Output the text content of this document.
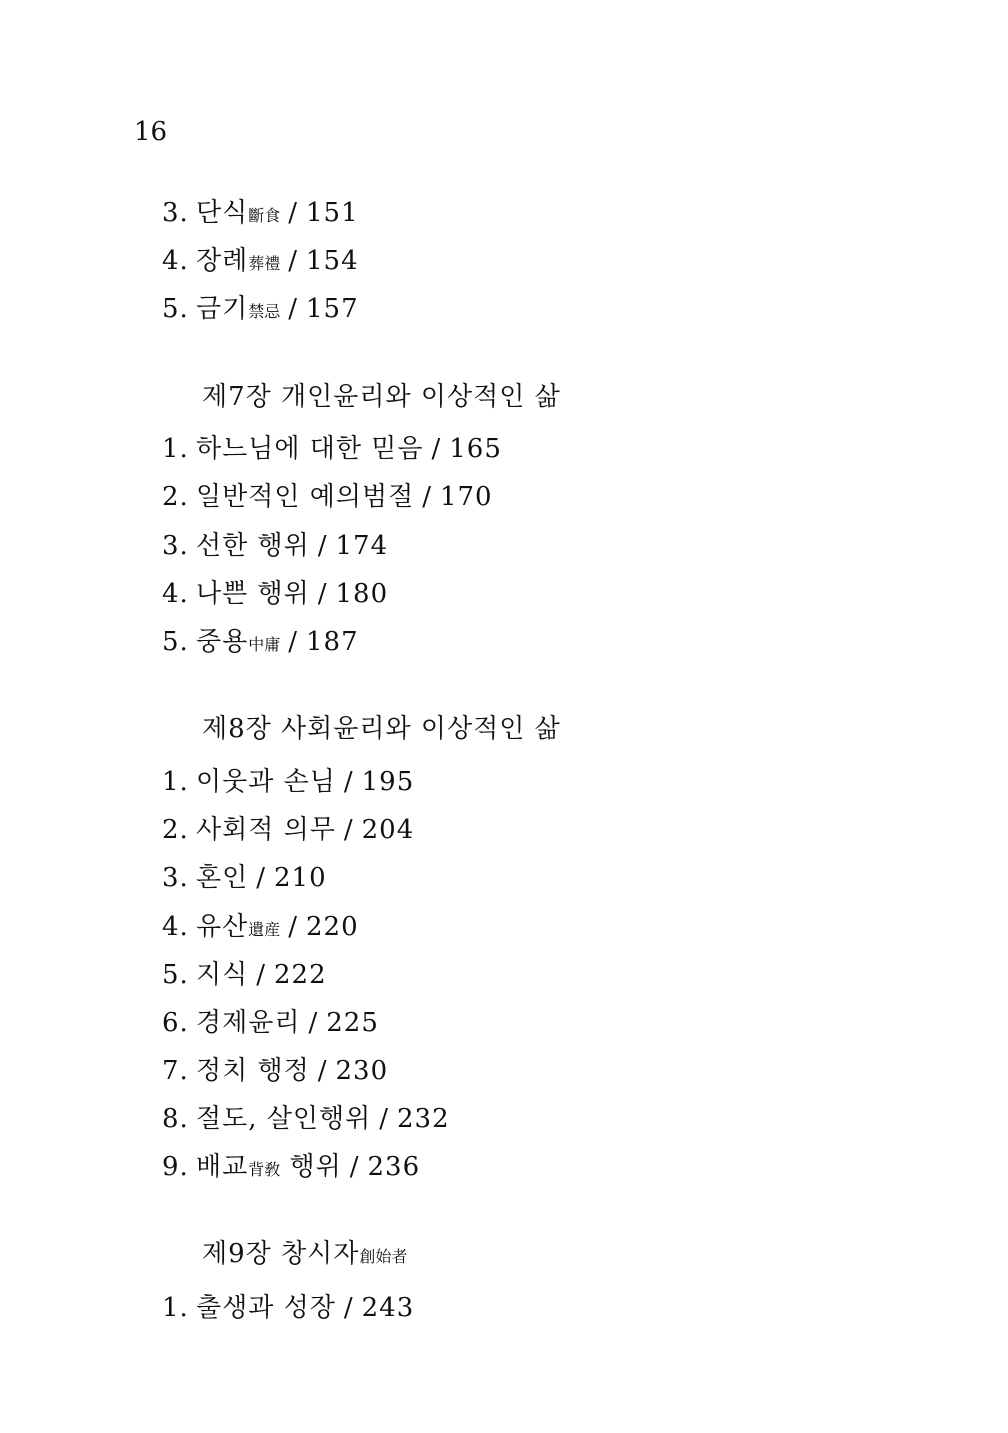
16
3. 단식斷食 / 151
4. 장례葬禮 / 154
5. 금기禁忌 / 157
제7장 개인윤리와 이상적인 삶
1. 하느님에 대한 믿음 / 165
2. 일반적인 예의범절 / 170
3. 선한 행위 / 174
4. 나쁜 행위 / 180
5. 중용中庸 / 187
제8장 사회윤리와 이상적인 삶
1. 이웃과 손님 / 195
2. 사회적 의무 / 204
3. 혼인 / 210
4. 유산遺産 / 220
5. 지식 / 222
6. 경제윤리 / 225
7. 정치 행정 / 230
8. 절도, 살인행위 / 232
9. 배교背敎 행위 / 236
제9장 창시자創始者
1. 출생과 성장 / 243
